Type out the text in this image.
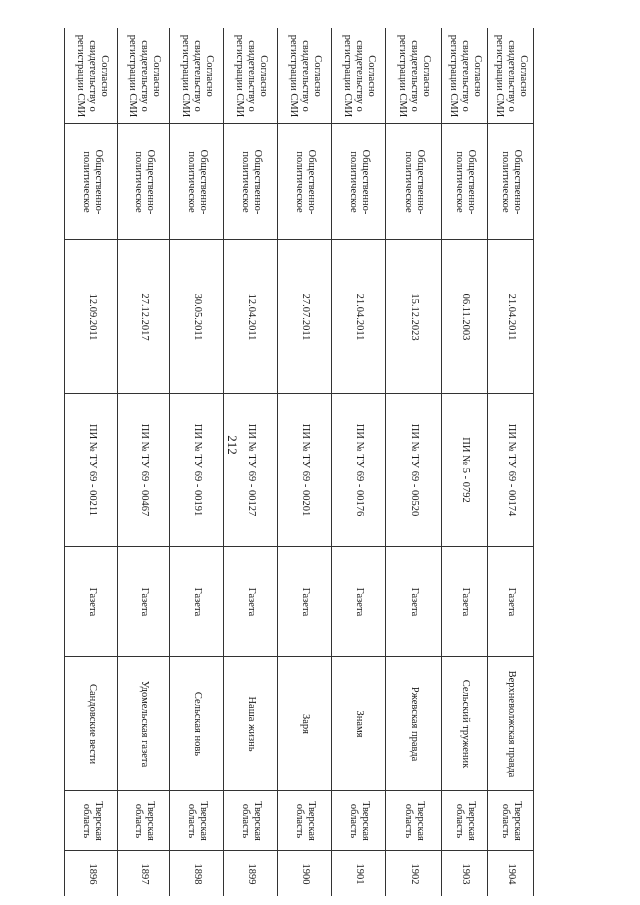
212
Согласно свидетельству о регистрации СМИ
Общественно-политическое
12.09.2011
ПИ № ТУ 69 - 00211
Газета
Сандовские вести
Тверская область
1896
Согласно свидетельству о регистрации СМИ
Общественно-политическое
27.12.2017
ПИ № ТУ 69 - 00467
Газета
Удомельская газета
Тверская область
1897
Согласно свидетельству о регистрации СМИ
Общественно-политическое
30.05.2011
ПИ № ТУ 69 - 00191
Газета
Сельская новь
Тверская область
1898
Согласно свидетельству о регистрации СМИ
Общественно-политическое
12.04.2011
ПИ № ТУ 69 - 00127
Газета
Наша жизнь
Тверская область
1899
Согласно свидетельству о регистрации СМИ
Общественно-политическое
27.07.2011
ПИ № ТУ 69 - 00201
Газета
Заря
Тверская область
1900
Согласно свидетельству о регистрации СМИ
Общественно-политическое
21.04.2011
ПИ № ТУ 69 - 00176
Газета
Знамя
Тверская область
1901
Согласно свидетельству о регистрации СМИ
Общественно-политическое
15.12.2023
ПИ № ТУ 69 - 00520
Газета
Ржевская правда
Тверская область
1902
Согласно свидетельству о регистрации СМИ
Общественно-политическое
06.11.2003
ПИ № 5 - 0792
Газета
Сельский труженик
Тверская область
1903
Согласно свидетельству о регистрации СМИ
Общественно-политическое
21.04.2011
ПИ № ТУ 69 - 00174
Газета
Верхневолжская правда
Тверская область
1904
